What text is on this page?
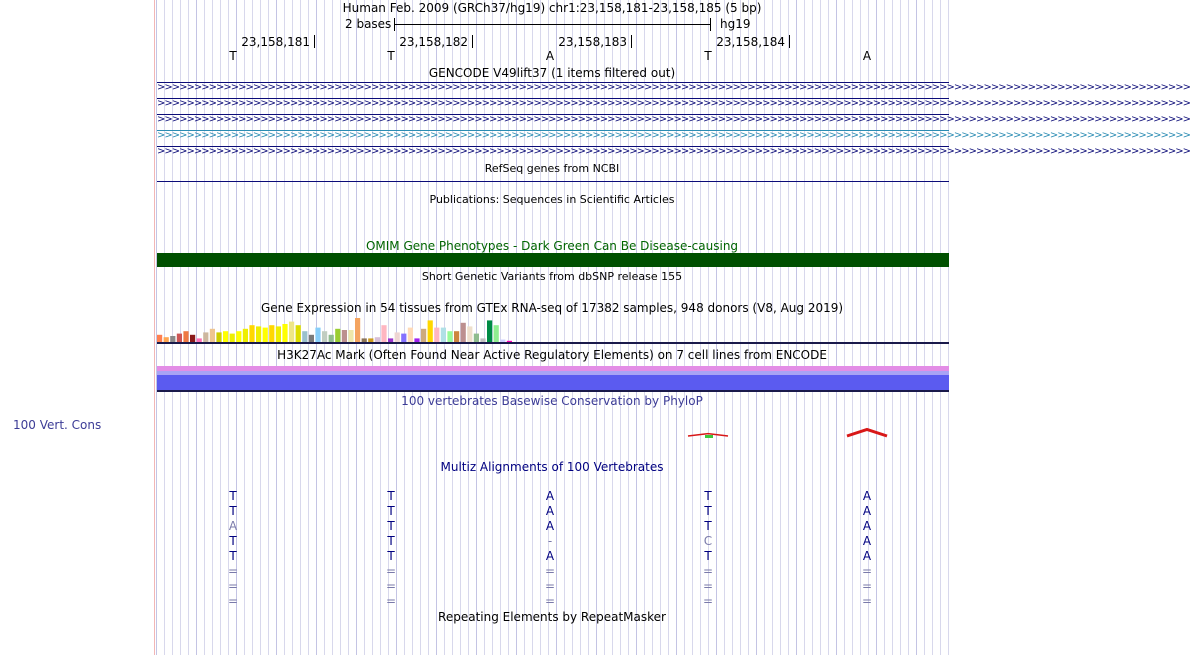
100 Vert. Cons
Human Feb. 2009 (GRCh37/hg19) chr1:23,158,181-23,158,185 (5 bp)
2 bases	hg19
23,158,181	23,158,182	23,158,183	23,158,184
T	T	A	T	A
GENCODE V49lift37 (1 items filtered out)
>>>>>>>>>>>>>>>>>>>>>>>>>>>>>>>>>>>>>>>>>>>>>>>>>>>>>>>>>>>>>>>>>>>>>>>>>>>>>>>>>>>>>>>>>>>>>>>>>>>>>>>>>>>>>>>>>>>>>>>>>>>>>>>>>>>>>>>>>>>>
>>>>>>>>>>>>>>>>>>>>>>>>>>>>>>>>>>>>>>>>>>>>>>>>>>>>>>>>>>>>>>>>>>>>>>>>>>>>>>>>>>>>>>>>>>>>>>>>>>>>>>>>>>>>>>>>>>>>>>>>>>>>>>>>>>>>>>>>>>>>
>>>>>>>>>>>>>>>>>>>>>>>>>>>>>>>>>>>>>>>>>>>>>>>>>>>>>>>>>>>>>>>>>>>>>>>>>>>>>>>>>>>>>>>>>>>>>>>>>>>>>>>>>>>>>>>>>>>>>>>>>>>>>>>>>>>>>>>>>>>>
>>>>>>>>>>>>>>>>>>>>>>>>>>>>>>>>>>>>>>>>>>>>>>>>>>>>>>>>>>>>>>>>>>>>>>>>>>>>>>>>>>>>>>>>>>>>>>>>>>>>>>>>>>>>>>>>>>>>>>>>>>>>>>>>>>>>>>>>>>>>
>>>>>>>>>>>>>>>>>>>>>>>>>>>>>>>>>>>>>>>>>>>>>>>>>>>>>>>>>>>>>>>>>>>>>>>>>>>>>>>>>>>>>>>>>>>>>>>>>>>>>>>>>>>>>>>>>>>>>>>>>>>>>>>>>>>>>>>>>>>>
RefSeq genes from NCBI
Publications: Sequences in Scientific Articles
OMIM Gene Phenotypes - Dark Green Can Be Disease-causing
Short Genetic Variants from dbSNP release 155
Gene Expression in 54 tissues from GTEx RNA-seq of 17382 samples, 948 donors (V8, Aug 2019)
H3K27Ac Mark (Often Found Near Active Regulatory Elements) on 7 cell lines from ENCODE
100 vertebrates Basewise Conservation by PhyloP
Multiz Alignments of 100 Vertebrates
T	T	A	T	A
T	T	A	T	A
A	T	A	T	A
T	T	-	C	A
T	T	A	T	A
=	=	=	=	=
=	=	=	=	=
=	=	=	=	=
Repeating Elements by RepeatMasker
